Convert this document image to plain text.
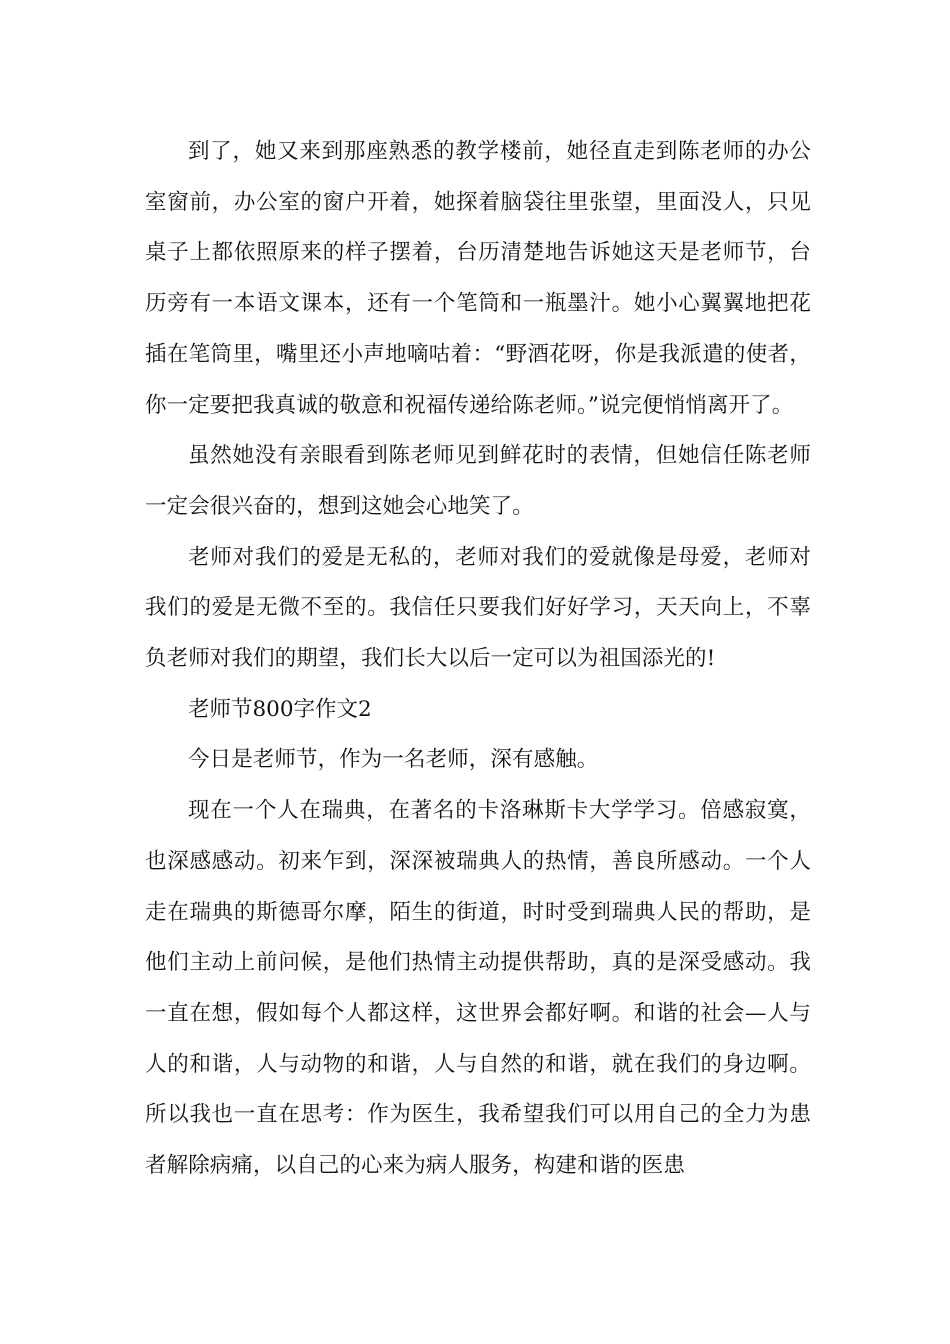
到了，她又来到那座熟悉的教学楼前，她径直走到陈老师的办公室窗前，办公室的窗户开着，她探着脑袋往里张望，里面没人，只见桌子上都依照原来的样子摆着，台历清楚地告诉她这天是老师节，台历旁有一本语文课本，还有一个笔筒和一瓶墨汁。她小心翼翼地把花插在笔筒里，嘴里还小声地嘀咕着：“野酒花呀，你是我派遣的使者，你一定要把我真诚的敬意和祝福传递给陈老师。”说完便悄悄离开了。

虽然她没有亲眼看到陈老师见到鲜花时的表情，但她信任陈老师一定会很兴奋的，想到这她会心地笑了。

老师对我们的爱是无私的，老师对我们的爱就像是母爱，老师对我们的爱是无微不至的。我信任只要我们好好学习，天天向上，不辜负老师对我们的期望，我们长大以后一定可以为祖国添光的!

老师节800字作文2

今日是老师节，作为一名老师，深有感触。

现在一个人在瑞典，在著名的卡洛琳斯卡大学学习。倍感寂寞，也深感感动。初来乍到，深深被瑞典人的热情，善良所感动。一个人走在瑞典的斯德哥尔摩，陌生的街道，时时受到瑞典人民的帮助，是他们主动上前问候，是他们热情主动提供帮助，真的是深受感动。我一直在想，假如每个人都这样，这世界会都好啊。和谐的社会—人与人的和谐，人与动物的和谐，人与自然的和谐，就在我们的身边啊。所以我也一直在思考：作为医生，我希望我们可以用自己的全力为患者解除病痛，以自己的心来为病人服务，构建和谐的医患
